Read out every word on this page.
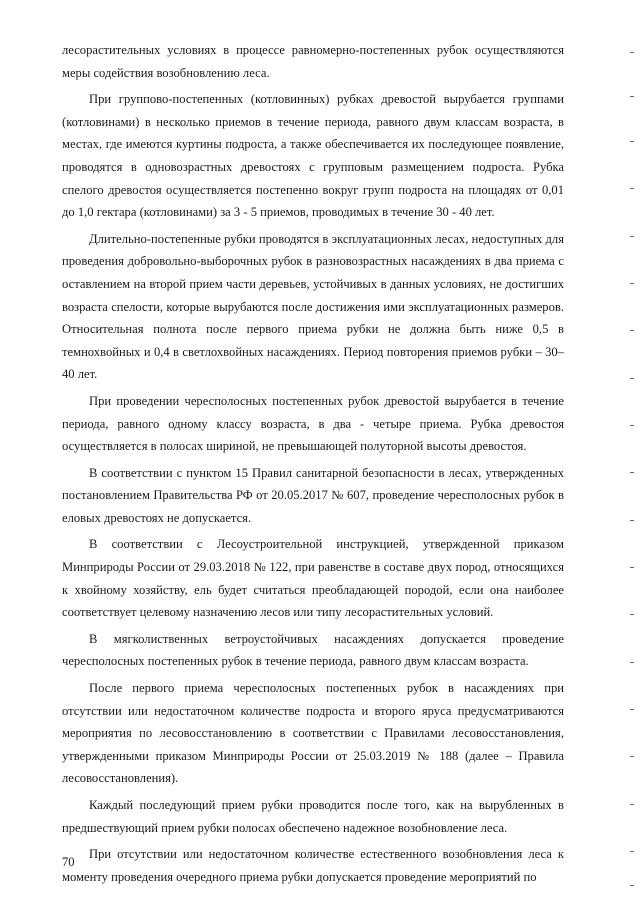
лесорастительных условиях в процессе равномерно-постепенных рубок осуществляются меры содействия возобновлению леса.

При группово-постепенных (котловинных) рубках древостой вырубается группами (котловинами) в несколько приемов в течение периода, равного двум классам возраста, в местах, где имеются куртины подроста, а также обеспечивается их последующее появление, проводятся в одновозрастных древостоях с групповым размещением подроста. Рубка спелого древостоя осуществляется постепенно вокруг групп подроста на площадях от 0,01 до 1,0 гектара (котловинами) за 3 - 5 приемов, проводимых в течение 30 - 40 лет.

Длительно-постепенные рубки проводятся в эксплуатационных лесах, недоступных для проведения добровольно-выборочных рубок в разновозрастных насаждениях в два приема с оставлением на второй прием части деревьев, устойчивых в данных условиях, не достигших возраста спелости, которые вырубаются после достижения ими эксплуатационных размеров. Относительная полнота после первого приема рубки не должна быть ниже 0,5 в темнохвойных и 0,4 в светлохвойных насаждениях. Период повторения приемов рубки – 30–40 лет.

При проведении чересполосных постепенных рубок древостой вырубается в течение периода, равного одному классу возраста, в два - четыре приема. Рубка древостоя осуществляется в полосах шириной, не превышающей полуторной высоты древостоя.

В соответствии с пунктом 15 Правил санитарной безопасности в лесах, утвержденных постановлением Правительства РФ от 20.05.2017 № 607, проведение чересполосных рубок в еловых древостоях не допускается.

В соответствии с Лесоустроительной инструкцией, утвержденной приказом Минприроды России от 29.03.2018 № 122, при равенстве в составе двух пород, относящихся к хвойному хозяйству, ель будет считаться преобладающей породой, если она наиболее соответствует целевому назначению лесов или типу лесорастительных условий.

В мягколиственных ветроустойчивых насаждениях допускается проведение чересполосных постепенных рубок в течение периода, равного двум классам возраста.

После первого приема чересполосных постепенных рубок в насаждениях при отсутствии или недостаточном количестве подроста и второго яруса предусматриваются мероприятия по лесовосстановлению в соответствии с Правилами лесовосстановления, утвержденными приказом Минприроды России от 25.03.2019 № 188 (далее – Правила лесовосстановления).

Каждый последующий прием рубки проводится после того, как на вырубленных в предшествующий прием рубки полосах обеспечено надежное возобновление леса.

При отсутствии или недостаточном количестве естественного возобновления леса к моменту проведения очередного приема рубки допускается проведение мероприятий по

70
